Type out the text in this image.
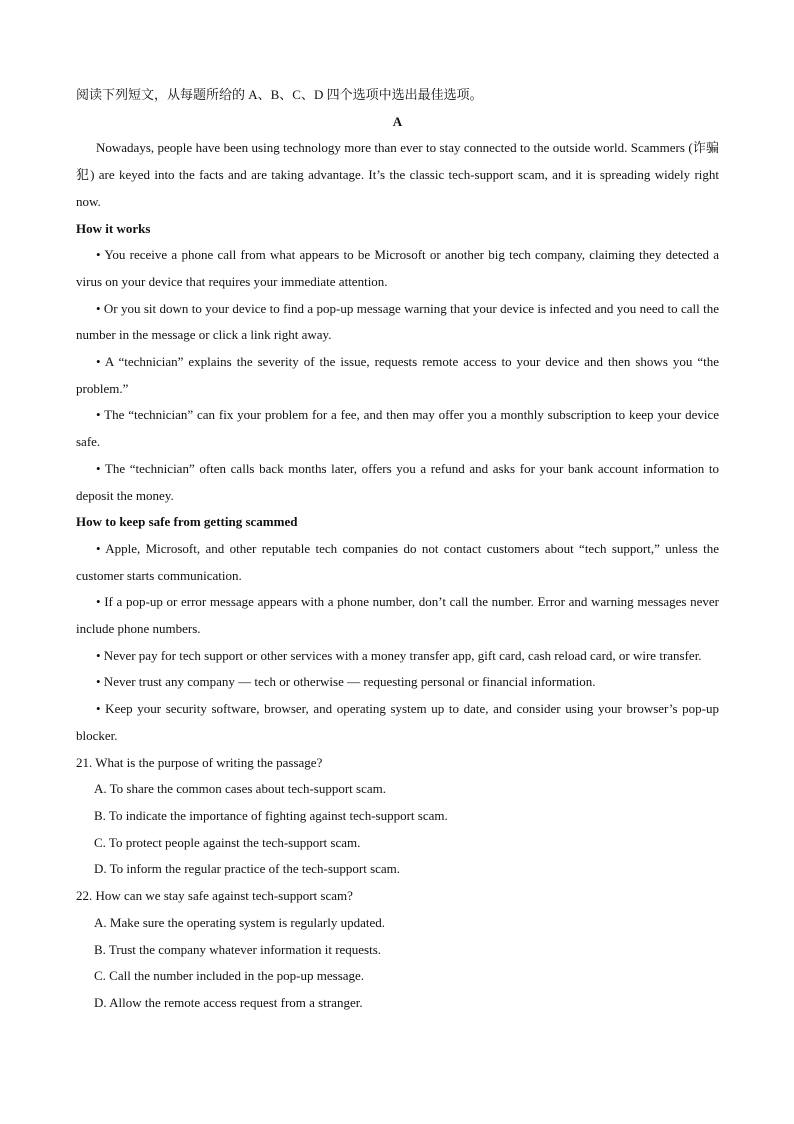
阅读下列短文，从每题所给的 A、B、C、D 四个选项中选出最佳选项。
A
Nowadays, people have been using technology more than ever to stay connected to the outside world. Scammers (诈骗犯) are keyed into the facts and are taking advantage. It’s the classic tech-support scam, and it is spreading widely right now.
How it works
• You receive a phone call from what appears to be Microsoft or another big tech company, claiming they detected a virus on your device that requires your immediate attention.
• Or you sit down to your device to find a pop-up message warning that your device is infected and you need to call the number in the message or click a link right away.
• A “technician” explains the severity of the issue, requests remote access to your device and then shows you “the problem.”
• The “technician” can fix your problem for a fee, and then may offer you a monthly subscription to keep your device safe.
• The “technician” often calls back months later, offers you a refund and asks for your bank account information to deposit the money.
How to keep safe from getting scammed
• Apple, Microsoft, and other reputable tech companies do not contact customers about “tech support,” unless the customer starts communication.
• If a pop-up or error message appears with a phone number, don’t call the number. Error and warning messages never include phone numbers.
• Never pay for tech support or other services with a money transfer app, gift card, cash reload card, or wire transfer.
• Never trust any company — tech or otherwise — requesting personal or financial information.
• Keep your security software, browser, and operating system up to date, and consider using your browser’s pop-up blocker.
21. What is the purpose of writing the passage?
A. To share the common cases about tech-support scam.
B. To indicate the importance of fighting against tech-support scam.
C. To protect people against the tech-support scam.
D. To inform the regular practice of the tech-support scam.
22. How can we stay safe against tech-support scam?
A. Make sure the operating system is regularly updated.
B. Trust the company whatever information it requests.
C. Call the number included in the pop-up message.
D. Allow the remote access request from a stranger.
